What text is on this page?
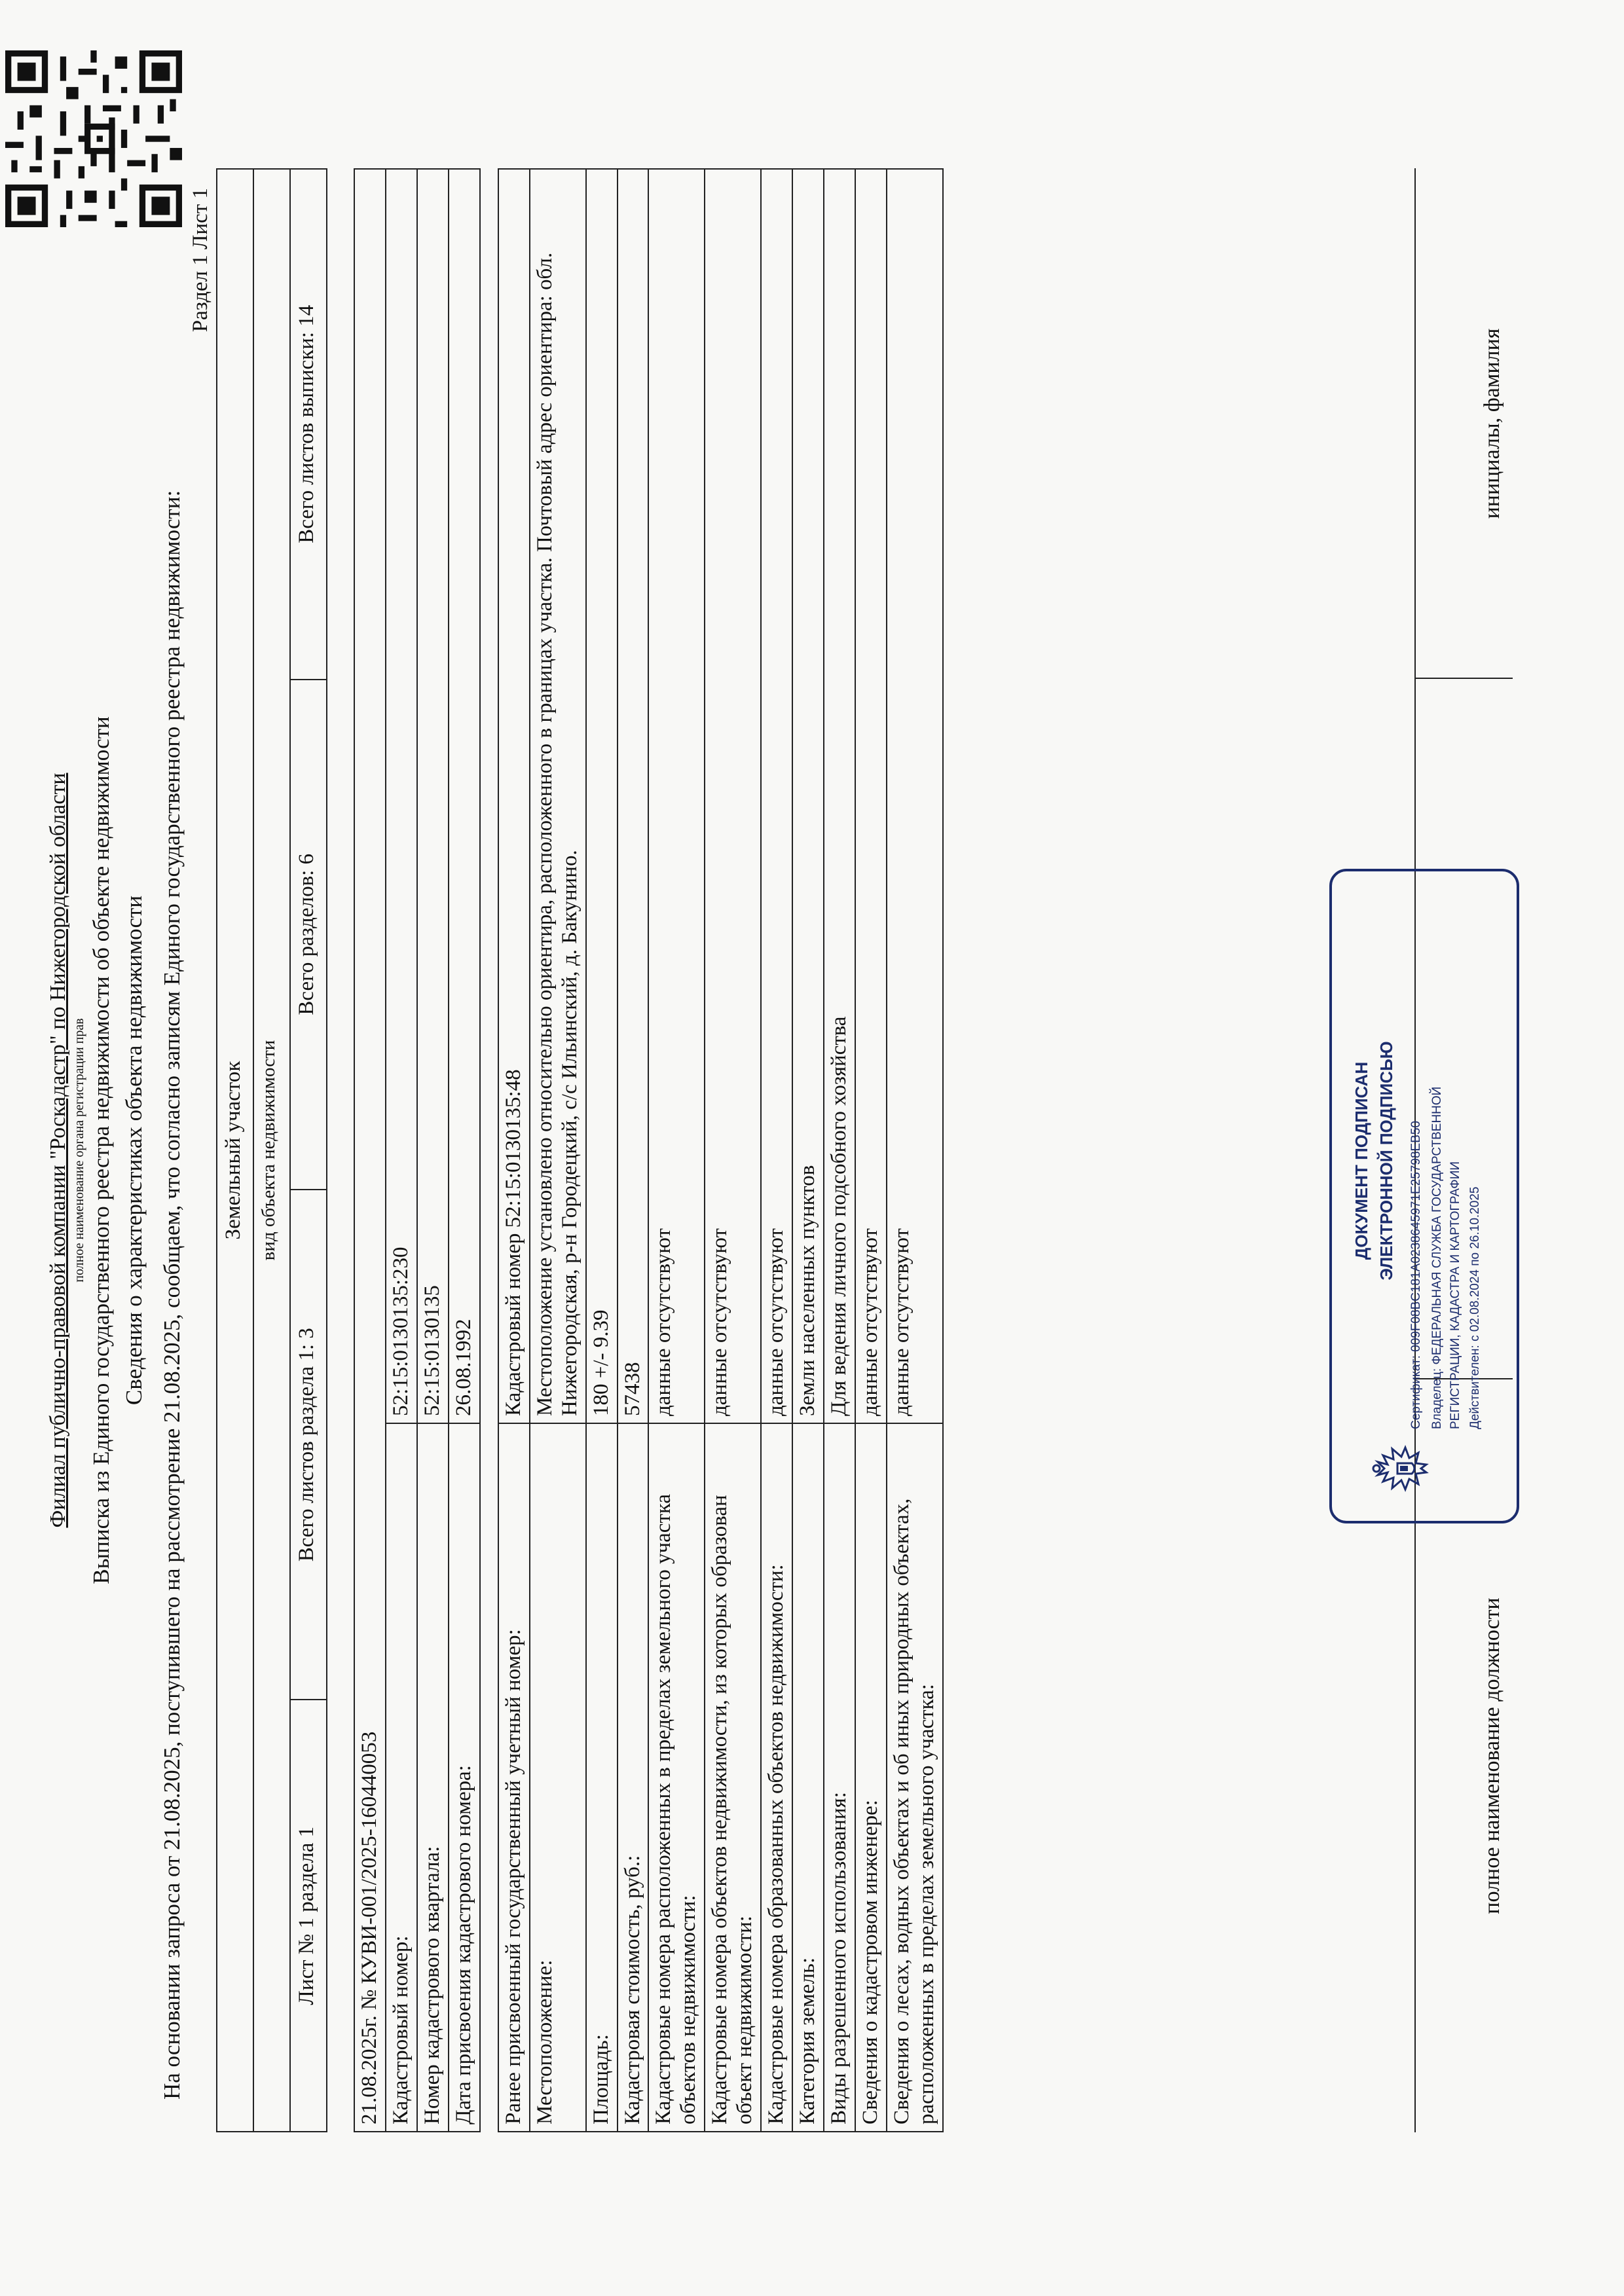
Филиал публично-правовой компании "Роскадастр" по Нижегородской области полное наименование органа регистрации прав Выписка из Единого государственного реестра недвижимости об объекте недвижимости Сведения о характеристиках объекта недвижимости На основании запроса от 21.08.2025, поступившего на рассмотрение 21.08.2025, сообщаем, что согласно записям Единого государственного реестра недвижимости:
Раздел 1 Лист 1
Земельный участок
вид объекта недвижимости
Лист № 1 раздела 1	Всего листов раздела 1: 3	Всего разделов: 6	Всего листов выписки: 14
21.08.2025г. № КУВИ-001/2025-160440053	
Кадастровый номер:	52:15:0130135:230
Номер кадастрового квартала:	52:15:0130135
Дата присвоения кадастрового номера:	26.08.1992

Ранее присвоенный государственный учетный номер:	Кадастровый номер 52:15:0130135:48
Местоположение:	Местоположение установлено относительно ориентира, расположенного в границах участка. Почтовый адрес ориентира: обл. Нижегородская, р-н Городецкий, с/с Ильинский, д. Бакунино.
Площадь:	180 +/- 9.39
Кадастровая стоимость, руб.:	57438
Кадастровые номера расположенных в пределах земельного участка объектов недвижимости:	данные отсутствуют
Кадастровые номера объектов недвижимости, из которых образован объект недвижимости:	данные отсутствуют
Кадастровые номера образованных объектов недвижимости:	данные отсутствуют
Категория земель:	Земли населенных пунктов
Виды разрешенного использования:	Для ведения личного подсобного хозяйства
Сведения о кадастровом инженере:	данные отсутствуют
Сведения о лесах, водных объектах и об иных природных объектах, расположенных в пределах земельного участка:	данные отсутствуют
полное наименование должности
инициалы, фамилия
ДОКУМЕНТ ПОДПИСАН ЭЛЕКТРОННОЙ ПОДПИСЬЮ Сертификат: 009F08BC181A0238645971E25798EB50 Владелец: ФЕДЕРАЛЬНАЯ СЛУЖБА ГОСУДАРСТВЕННОЙ РЕГИСТРАЦИИ, КАДАСТРА И КАРТОГРАФИИ Действителен: с 02.08.2024 по 26.10.2025
